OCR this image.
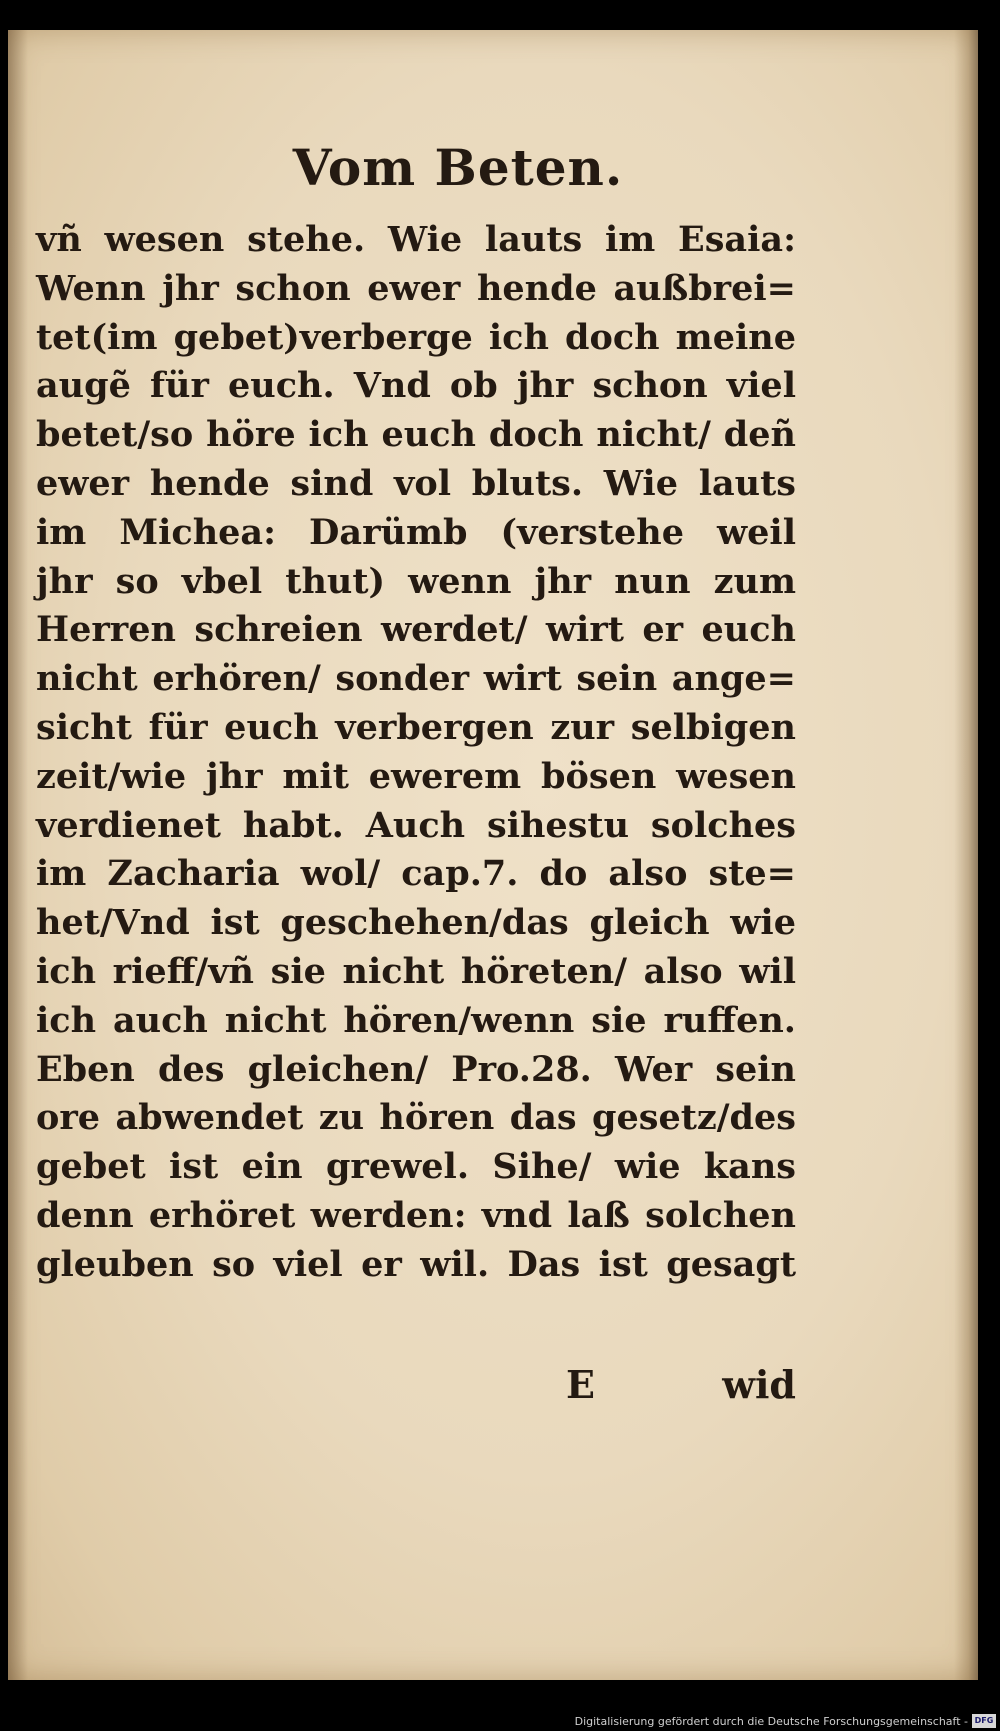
Vom Beten.
vñ wesen stehe. Wie lauts im Esaia:
Wenn jhr schon ewer hende außbrei=
tet(im gebet)verberge ich doch meine
augẽ für euch. Vnd ob jhr schon viel
betet/so höre ich euch doch nicht/ deñ
ewer hende sind vol bluts. Wie lauts
im Michea: Darümb (verstehe weil
jhr so vbel thut) wenn jhr nun zum
Herren schreien werdet/ wirt er euch
nicht erhören/ sonder wirt sein ange=
sicht für euch verbergen zur selbigen
zeit/wie jhr mit ewerem bösen wesen
verdienet habt. Auch sihestu solches
im Zacharia wol/ cap.7. do also ste=
het/Vnd ist geschehen/das gleich wie
ich rieff/vñ sie nicht höreten/ also wil
ich auch nicht hören/wenn sie ruffen.
Eben des gleichen/ Pro.28. Wer sein
ore abwendet zu hören das gesetz/des
gebet ist ein grewel. Sihe/ wie kans
denn erhöret werden: vnd laß solchen
gleuben so viel er wil. Das ist gesagt
E	wid
Digitalisierung gefördert durch die Deutsche Forschungsgemeinschaft - DFG
